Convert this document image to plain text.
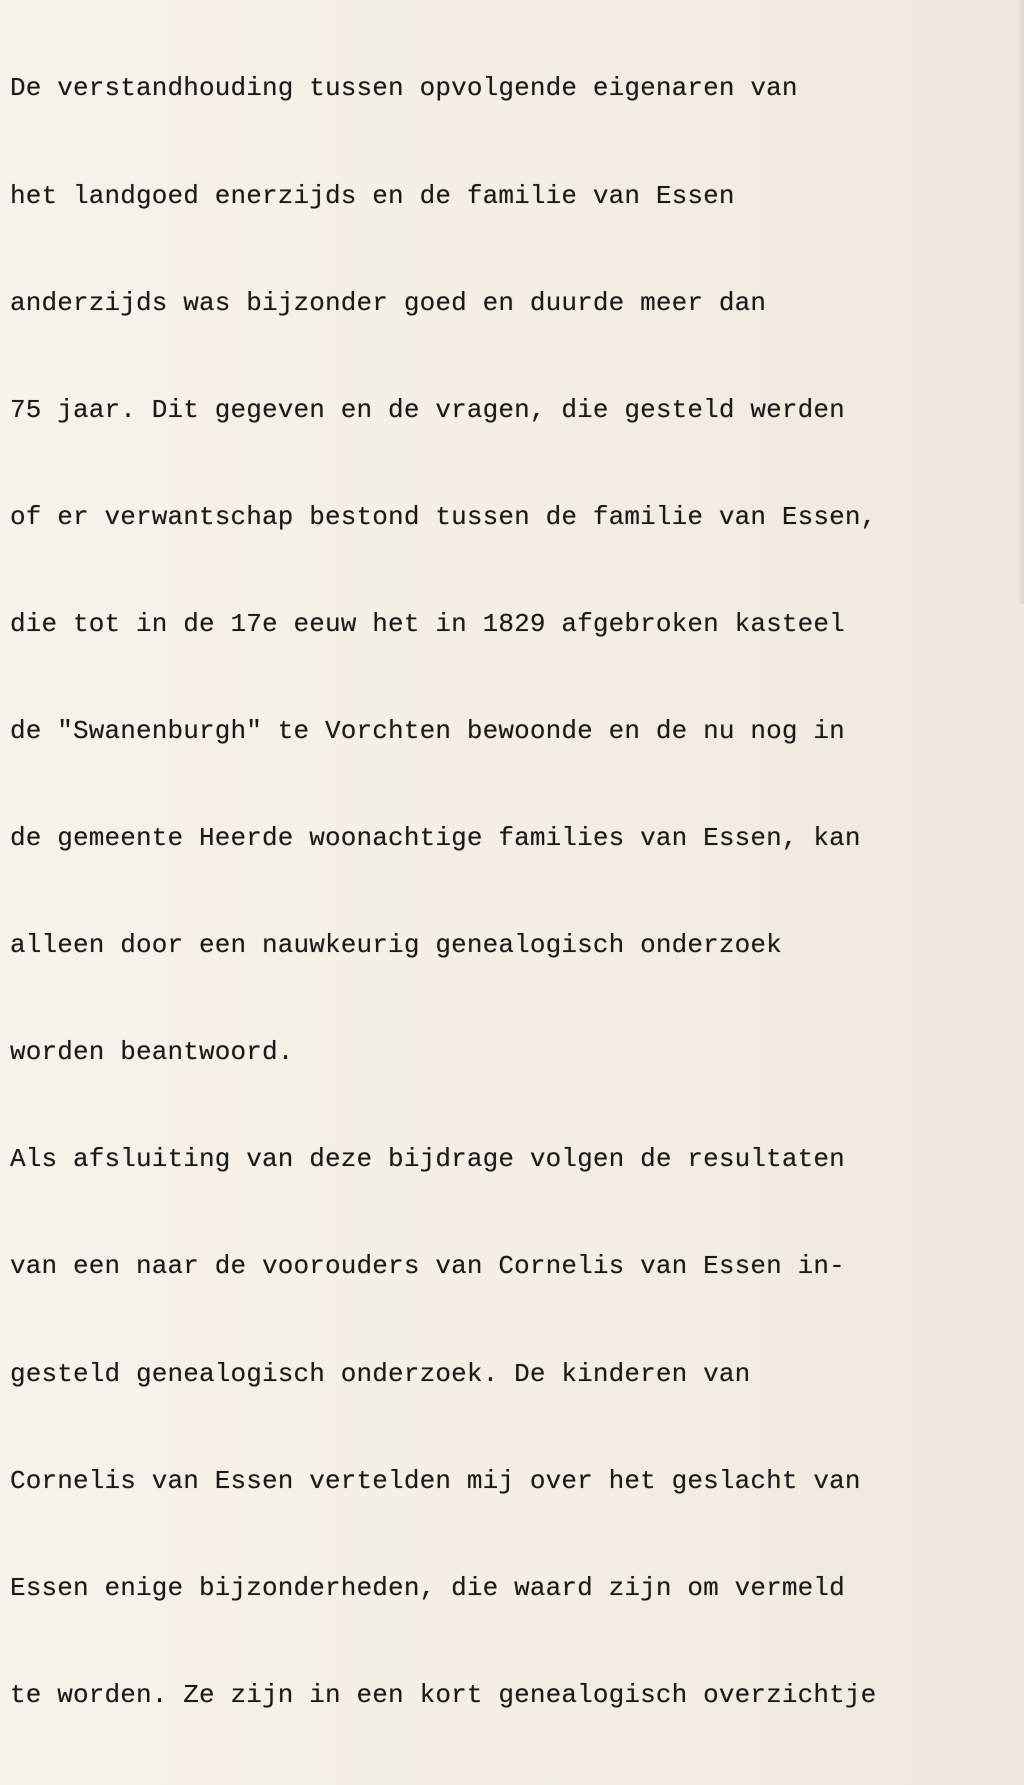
De verstandhouding tussen opvolgende eigenaren van

het landgoed enerzijds en de familie van Essen

anderzijds was bijzonder goed en duurde meer dan

75 jaar. Dit gegeven en de vragen, die gesteld werden

of er verwantschap bestond tussen de familie van Essen,

die tot in de 17e eeuw het in 1829 afgebroken kasteel

de "Swanenburgh" te Vorchten bewoonde en de nu nog in

de gemeente Heerde woonachtige families van Essen, kan

alleen door een nauwkeurig genealogisch onderzoek

worden beantwoord.

Als afsluiting van deze bijdrage volgen de resultaten

van een naar de voorouders van Cornelis van Essen in-

gesteld genealogisch onderzoek. De kinderen van

Cornelis van Essen vertelden mij over het geslacht van

Essen enige bijzonderheden, die waard zijn om vermeld

te worden. Ze zijn in een kort genealogisch overzichtje
